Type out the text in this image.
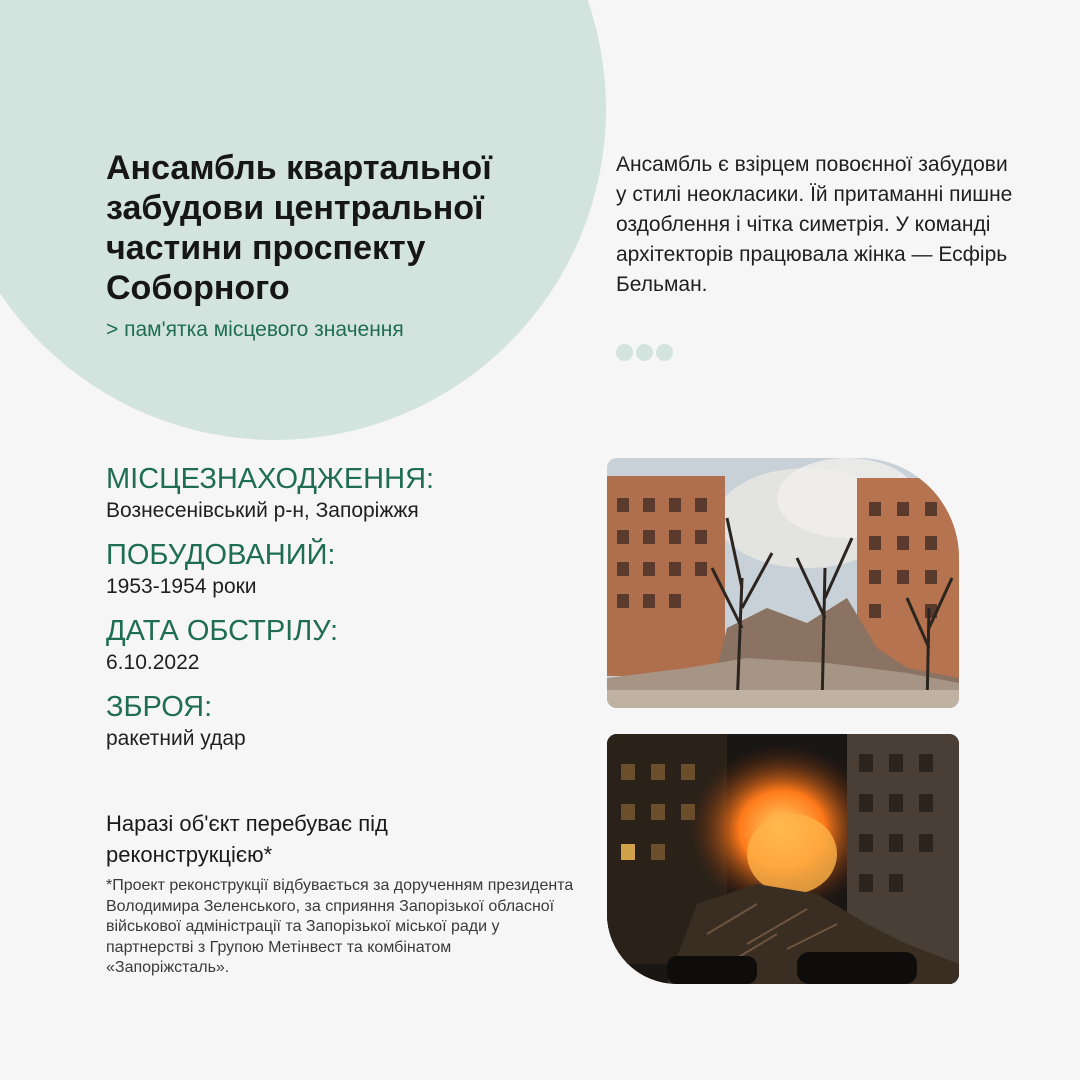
Ансамбль квартальної забудови центральної частини проспекту Соборного
> пам'ятка місцевого значення

Ансамбль є взірцем повоєнної забудови у стилі неокласики. Їй притаманні пишне оздоблення і чітка симетрія. У команді архітекторів працювала жінка — Есфірь Бельман.

МІСЦЕЗНАХОДЖЕННЯ:
Вознесенівський р-н, Запоріжжя
ПОБУДОВАНИЙ:
1953-1954 роки
ДАТА ОБСТРІЛУ:
6.10.2022
ЗБРОЯ:
ракетний удар

Наразі об'єкт перебуває під реконструкцією*

*Проект реконструкції відбувається за дорученням президента Володимира Зеленського, за сприяння Запорізької обласної військової адміністрації та Запорізької міської ради у партнерстві з Групою Метінвест та комбінатом «Запоріжсталь».
